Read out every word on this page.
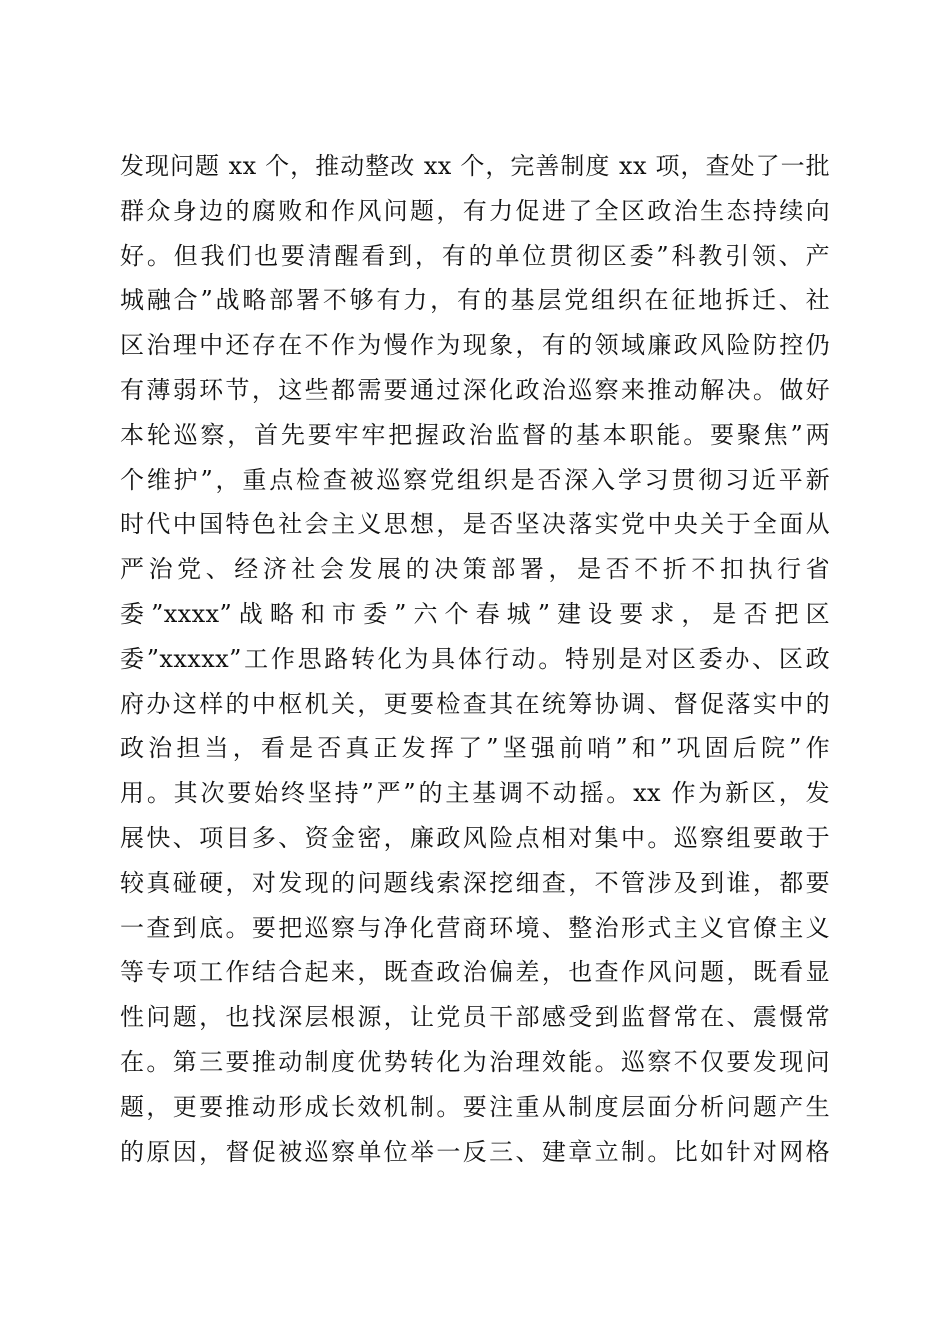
发现问题 xx 个，推动整改 xx 个，完善制度 xx 项，查处了一批
群众身边的腐败和作风问题，有力促进了全区政治生态持续向
好。但我们也要清醒看到，有的单位贯彻区委”科教引领、产
城融合”战略部署不够有力，有的基层党组织在征地拆迁、社
区治理中还存在不作为慢作为现象，有的领域廉政风险防控仍
有薄弱环节，这些都需要通过深化政治巡察来推动解决。做好
本轮巡察，首先要牢牢把握政治监督的基本职能。要聚焦”两
个维护”，重点检查被巡察党组织是否深入学习贯彻习近平新
时代中国特色社会主义思想，是否坚决落实党中央关于全面从
严治党、经济社会发展的决策部署，是否不折不扣执行省
委”xxxx”战略和市委”六个春城”建设要求，是否把区
委”xxxxx”工作思路转化为具体行动。特别是对区委办、区政
府办这样的中枢机关，更要检查其在统筹协调、督促落实中的
政治担当，看是否真正发挥了”坚强前哨”和”巩固后院”作
用。其次要始终坚持”严”的主基调不动摇。xx 作为新区，发
展快、项目多、资金密，廉政风险点相对集中。巡察组要敢于
较真碰硬，对发现的问题线索深挖细查，不管涉及到谁，都要
一查到底。要把巡察与净化营商环境、整治形式主义官僚主义
等专项工作结合起来，既查政治偏差，也查作风问题，既看显
性问题，也找深层根源，让党员干部感受到监督常在、震慑常
在。第三要推动制度优势转化为治理效能。巡察不仅要发现问
题，更要推动形成长效机制。要注重从制度层面分析问题产生
的原因，督促被巡察单位举一反三、建章立制。比如针对网格
